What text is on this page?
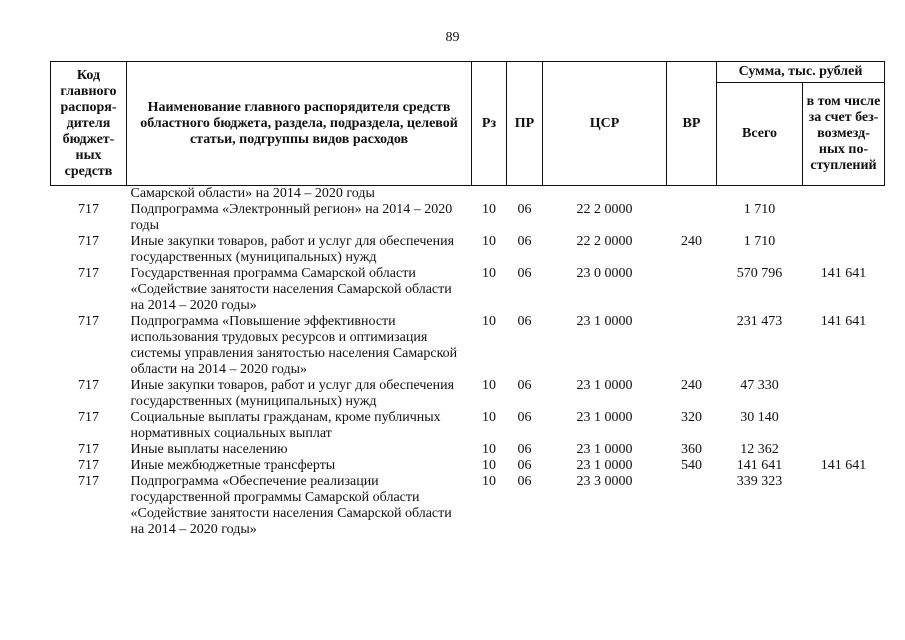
89
Код главного распоря-дителя бюджет-ных средств	Наименование главного распорядителя средств областного бюджета, раздела, подраздела, целевой статьи, подгруппы видов расходов	Рз	ПР	ЦСР	ВР	Сумма, тыс. рублей	
						Всего	в том числе за счет без-возмезд-ных по-ступлений
	Самарской области» на 2014 – 2020 годы						
717	Подпрограмма «Электронный регион» на 2014 – 2020 годы	10	06	22 2 0000		1 710	
717	Иные закупки товаров, работ и услуг для обеспечения государственных (муниципальных) нужд	10	06	22 2 0000	240	1 710	
717	Государственная программа Самарской области «Содействие занятости населения Самарской области на 2014 – 2020 годы»	10	06	23 0 0000		570 796	141 641
717	Подпрограмма «Повышение эффективности использования трудовых ресурсов и оптимизация системы управления занятостью населения Самарской области на 2014 – 2020 годы»	10	06	23 1 0000		231 473	141 641
717	Иные закупки товаров, работ и услуг для обеспечения государственных (муниципальных) нужд	10	06	23 1 0000	240	47 330	
717	Социальные выплаты гражданам, кроме публичных нормативных социальных выплат	10	06	23 1 0000	320	30 140	
717	Иные выплаты населению	10	06	23 1 0000	360	12 362	
717	Иные межбюджетные трансферты	10	06	23 1 0000	540	141 641	141 641
717	Подпрограмма «Обеспечение реализации государственной программы Самарской области «Содействие занятости населения Самарской области на 2014 – 2020 годы»	10	06	23 3 0000		339 323	
